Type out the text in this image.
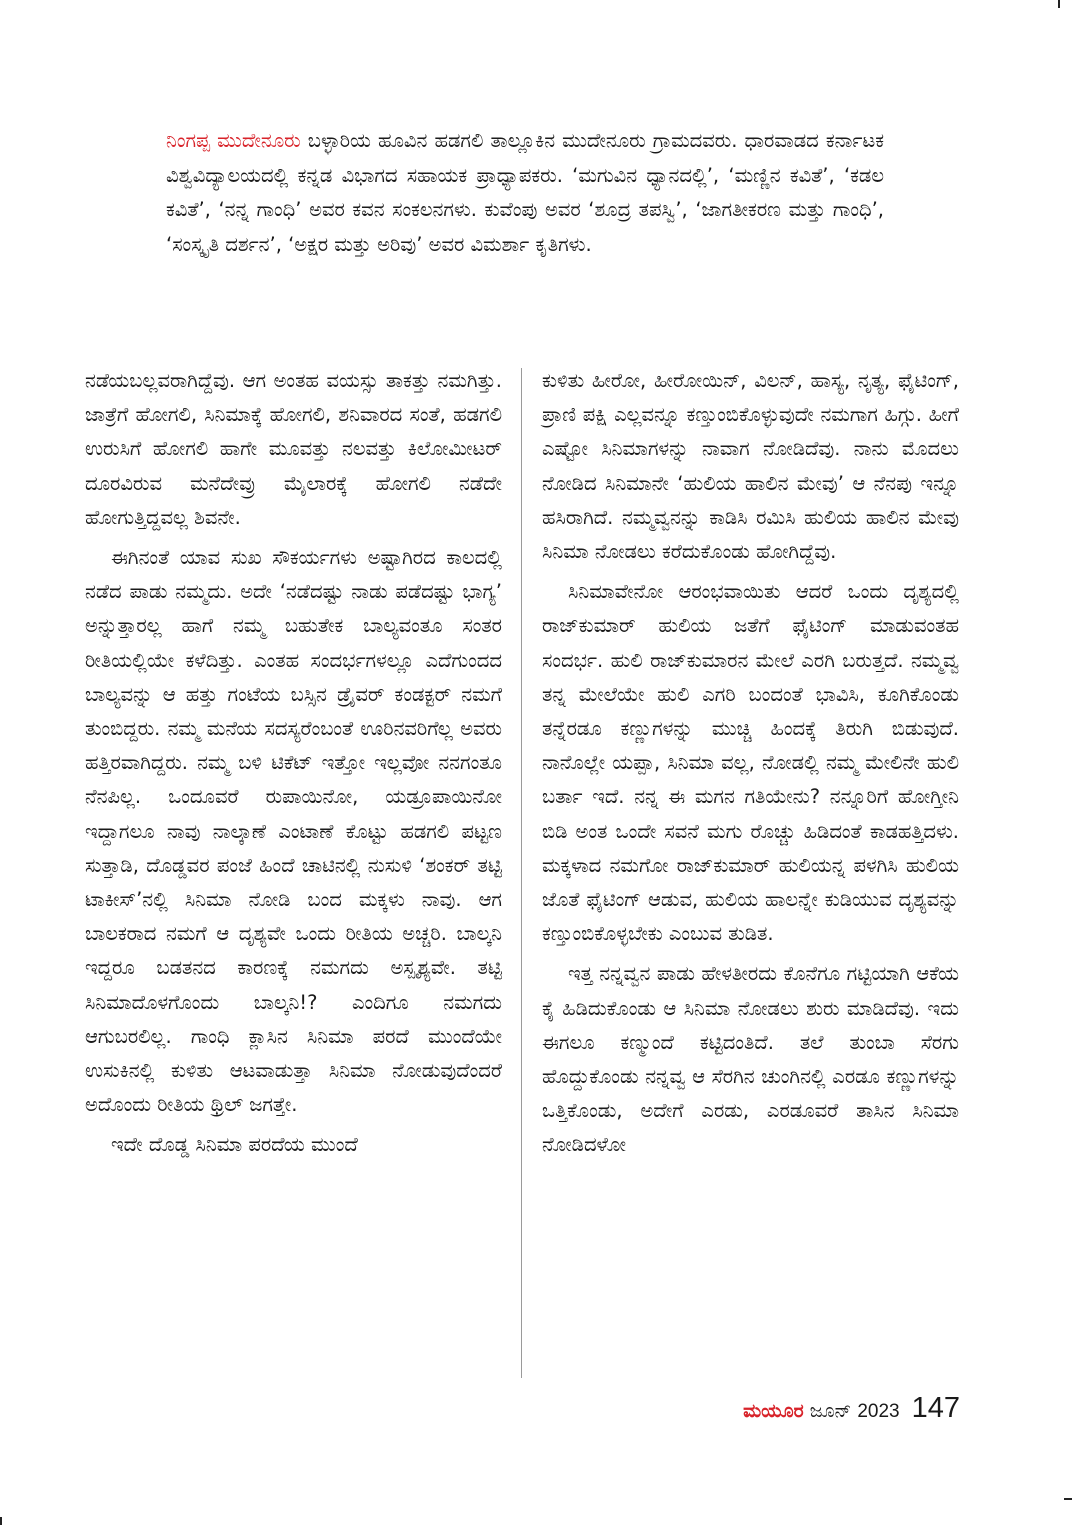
ನಿಂಗಪ್ಪ ಮುದೇನೂರು ಬಳ್ಳಾರಿಯ ಹೂವಿನ ಹಡಗಲಿ ತಾಲ್ಲೂಕಿನ ಮುದೇನೂರು ಗ್ರಾಮದವರು. ಧಾರವಾಡದ ಕರ್ನಾಟಕ ವಿಶ್ವವಿದ್ಯಾಲಯದಲ್ಲಿ ಕನ್ನಡ ವಿಭಾಗದ ಸಹಾಯಕ ಪ್ರಾಧ್ಯಾಪಕರು. ‘ಮಗುವಿನ ಧ್ಯಾನದಲ್ಲಿ’, ‘ಮಣ್ಣಿನ ಕವಿತೆ’, ‘ಕಡಲ ಕವಿತೆ’, ‘ನನ್ನ ಗಾಂಧಿ’ ಅವರ ಕವನ ಸಂಕಲನಗಳು. ಕುವೆಂಪು ಅವರ ‘ಶೂದ್ರ ತಪಸ್ವಿ’, ‘ಜಾಗತೀಕರಣ ಮತ್ತು ಗಾಂಧಿ’, ‘ಸಂಸ್ಕೃತಿ ದರ್ಶನ’, ‘ಅಕ್ಷರ ಮತ್ತು ಅರಿವು’ ಅವರ ವಿಮರ್ಶಾ ಕೃತಿಗಳು.

ನಡೆಯಬಲ್ಲವರಾಗಿದ್ದೆವು. ಆಗ ಅಂತಹ ವಯಸ್ಸು ತಾಕತ್ತು ನಮಗಿತ್ತು. ಜಾತ್ರೆಗೆ ಹೋಗಲಿ, ಸಿನಿಮಾಕ್ಕೆ ಹೋಗಲಿ, ಶನಿವಾರದ ಸಂತೆ, ಹಡಗಲಿ ಉರುಸಿಗೆ ಹೋಗಲಿ ಹಾಗೇ ಮೂವತ್ತು ನಲವತ್ತು ಕಿಲೋಮೀಟರ್ ದೂರವಿರುವ ಮನೆದೇವ್ರು ಮೈಲಾರಕ್ಕೆ ಹೋಗಲಿ ನಡೆದೇ ಹೋಗುತ್ತಿದ್ದವಲ್ಲ ಶಿವನೇ.

ಈಗಿನಂತೆ ಯಾವ ಸುಖ ಸೌಕರ್ಯಗಳು ಅಷ್ಟಾಗಿರದ ಕಾಲದಲ್ಲಿ ನಡೆದ ಪಾಡು ನಮ್ಮದು. ಅದೇ ‘ನಡೆದಷ್ಟು ನಾಡು ಪಡೆದಷ್ಟು ಭಾಗ್ಯ’ ಅನ್ನುತ್ತಾರಲ್ಲ ಹಾಗೆ ನಮ್ಮ ಬಹುತೇಕ ಬಾಲ್ಯವಂತೂ ಸಂತರ ರೀತಿಯಲ್ಲಿಯೇ ಕಳೆದಿತ್ತು. ಎಂತಹ ಸಂದರ್ಭಗಳಲ್ಲೂ ಎದೆಗುಂದದ ಬಾಲ್ಯವನ್ನು ಆ ಹತ್ತು ಗಂಟೆಯ ಬಸ್ಸಿನ ಡ್ರೈವರ್ ಕಂಡಕ್ಟರ್ ನಮಗೆ ತುಂಬಿದ್ದರು. ನಮ್ಮ ಮನೆಯ ಸದಸ್ಯರೆಂಬಂತೆ ಊರಿನವರಿಗೆಲ್ಲ ಅವರು ಹತ್ತಿರವಾಗಿದ್ದರು. ನಮ್ಮ ಬಳಿ ಟಿಕೆಟ್ ಇತ್ತೋ ಇಲ್ಲವೋ ನನಗಂತೂ ನೆನಪಿಲ್ಲ. ಒಂದೂವರೆ ರುಪಾಯಿನೋ, ಯಡ್ರೂಪಾಯಿನೋ ಇದ್ದಾಗಲೂ ನಾವು ನಾಲ್ಕಾಣೆ ಎಂಟಾಣೆ ಕೊಟ್ಟು ಹಡಗಲಿ ಪಟ್ಟಣ ಸುತ್ತಾಡಿ, ದೊಡ್ಡವರ ಪಂಜೆ ಹಿಂದೆ ಚಾಟಿನಲ್ಲಿ ನುಸುಳಿ ‘ಶಂಕರ್ ತಟ್ಟಿ ಟಾಕೀಸ್’ನಲ್ಲಿ ಸಿನಿಮಾ ನೋಡಿ ಬಂದ ಮಕ್ಕಳು ನಾವು. ಆಗ ಬಾಲಕರಾದ ನಮಗೆ ಆ ದೃಶ್ಯವೇ ಒಂದು ರೀತಿಯ ಅಚ್ಚರಿ. ಬಾಲ್ಕನಿ ಇದ್ದರೂ ಬಡತನದ ಕಾರಣಕ್ಕೆ ನಮಗದು ಅಸ್ಪೃಶ್ಯವೇ. ತಟ್ಟಿ ಸಿನಿಮಾದೊಳಗೊಂದು ಬಾಲ್ಕನಿ!? ಎಂದಿಗೂ ನಮಗದು ಆಗುಬರಲಿಲ್ಲ. ಗಾಂಧಿ ಕ್ಲಾಸಿನ ಸಿನಿಮಾ ಪರದೆ ಮುಂದೆಯೇ ಉಸುಕಿನಲ್ಲಿ ಕುಳಿತು ಆಟವಾಡುತ್ತಾ ಸಿನಿಮಾ ನೋಡುವುದೆಂದರೆ ಅದೊಂದು ರೀತಿಯ ಥ್ರಿಲ್ ಜಗತ್ತೇ.

ಇದೇ ದೊಡ್ಡ ಸಿನಿಮಾ ಪರದೆಯ ಮುಂದೆ

ಕುಳಿತು ಹೀರೋ, ಹೀರೋಯಿನ್, ವಿಲನ್, ಹಾಸ್ಯ, ನೃತ್ಯ, ಫೈಟಿಂಗ್, ಪ್ರಾಣಿ ಪಕ್ಷಿ ಎಲ್ಲವನ್ನೂ ಕಣ್ತುಂಬಿಕೊಳ್ಳುವುದೇ ನಮಗಾಗ ಹಿಗ್ಗು. ಹೀಗೆ ಎಷ್ಟೋ ಸಿನಿಮಾಗಳನ್ನು ನಾವಾಗ ನೋಡಿದೆವು. ನಾನು ಮೊದಲು ನೋಡಿದ ಸಿನಿಮಾನೇ ‘ಹುಲಿಯ ಹಾಲಿನ ಮೇವು’ ಆ ನೆನಪು ಇನ್ನೂ ಹಸಿರಾಗಿದೆ. ನಮ್ಮವ್ವನನ್ನು ಕಾಡಿಸಿ ರಮಿಸಿ ಹುಲಿಯ ಹಾಲಿನ ಮೇವು ಸಿನಿಮಾ ನೋಡಲು ಕರೆದುಕೊಂಡು ಹೋಗಿದ್ದೆವು.

ಸಿನಿಮಾವೇನೋ ಆರಂಭವಾಯಿತು ಆದರೆ ಒಂದು ದೃಶ್ಯದಲ್ಲಿ ರಾಜ್‌ಕುಮಾರ್ ಹುಲಿಯ ಜತೆಗೆ ಫೈಟಿಂಗ್ ಮಾಡುವಂತಹ ಸಂದರ್ಭ. ಹುಲಿ ರಾಜ್‌ಕುಮಾರನ ಮೇಲೆ ಎರಗಿ ಬರುತ್ತದೆ. ನಮ್ಮವ್ವ ತನ್ನ ಮೇಲೆಯೇ ಹುಲಿ ಎಗರಿ ಬಂದಂತೆ ಭಾವಿಸಿ, ಕೂಗಿಕೊಂಡು ತನ್ನೆರಡೂ ಕಣ್ಣುಗಳನ್ನು ಮುಚ್ಚಿ ಹಿಂದಕ್ಕೆ ತಿರುಗಿ ಬಿಡುವುದೆ. ನಾನೊಲ್ಲೇ ಯಪ್ಪಾ, ಸಿನಿಮಾ ವಲ್ಲ, ನೋಡಲ್ಲಿ ನಮ್ಮ ಮೇಲಿನೇ ಹುಲಿ ಬರ್ತಾ ಇದೆ. ನನ್ನ ಈ ಮಗನ ಗತಿಯೇನು? ನನ್ನೂರಿಗೆ ಹೋಗ್ತೀನಿ ಬಿಡಿ ಅಂತ ಒಂದೇ ಸವನೆ ಮಗು ರೊಚ್ಚು ಹಿಡಿದಂತೆ ಕಾಡಹತ್ತಿದಳು. ಮಕ್ಕಳಾದ ನಮಗೋ ರಾಜ್‌ಕುಮಾರ್ ಹುಲಿಯನ್ನ ಪಳಗಿಸಿ ಹುಲಿಯ ಜೊತೆ ಫೈಟಿಂಗ್ ಆಡುವ, ಹುಲಿಯ ಹಾಲನ್ನೇ ಕುಡಿಯುವ ದೃಶ್ಯವನ್ನು ಕಣ್ತುಂಬಿಕೊಳ್ಳಬೇಕು ಎಂಬುವ ತುಡಿತ.

ಇತ್ತ ನನ್ನವ್ವನ ಪಾಡು ಹೇಳತೀರದು ಕೊನೆಗೂ ಗಟ್ಟಿಯಾಗಿ ಆಕೆಯ ಕೈ ಹಿಡಿದುಕೊಂಡು ಆ ಸಿನಿಮಾ ನೋಡಲು ಶುರು ಮಾಡಿದೆವು. ಇದು ಈಗಲೂ ಕಣ್ಮುಂದೆ ಕಟ್ಟಿದಂತಿದೆ. ತಲೆ ತುಂಬಾ ಸೆರಗು ಹೊದ್ದುಕೊಂಡು ನನ್ನವ್ವ ಆ ಸೆರಗಿನ ಚುಂಗಿನಲ್ಲಿ ಎರಡೂ ಕಣ್ಣುಗಳನ್ನು ಒತ್ತಿಕೊಂಡು, ಅದೇಗೆ ಎರಡು, ಎರಡೂವರೆ ತಾಸಿನ ಸಿನಿಮಾ ನೋಡಿದಳೋ

ಮಯೂರ ಜೂನ್ 2023 147
